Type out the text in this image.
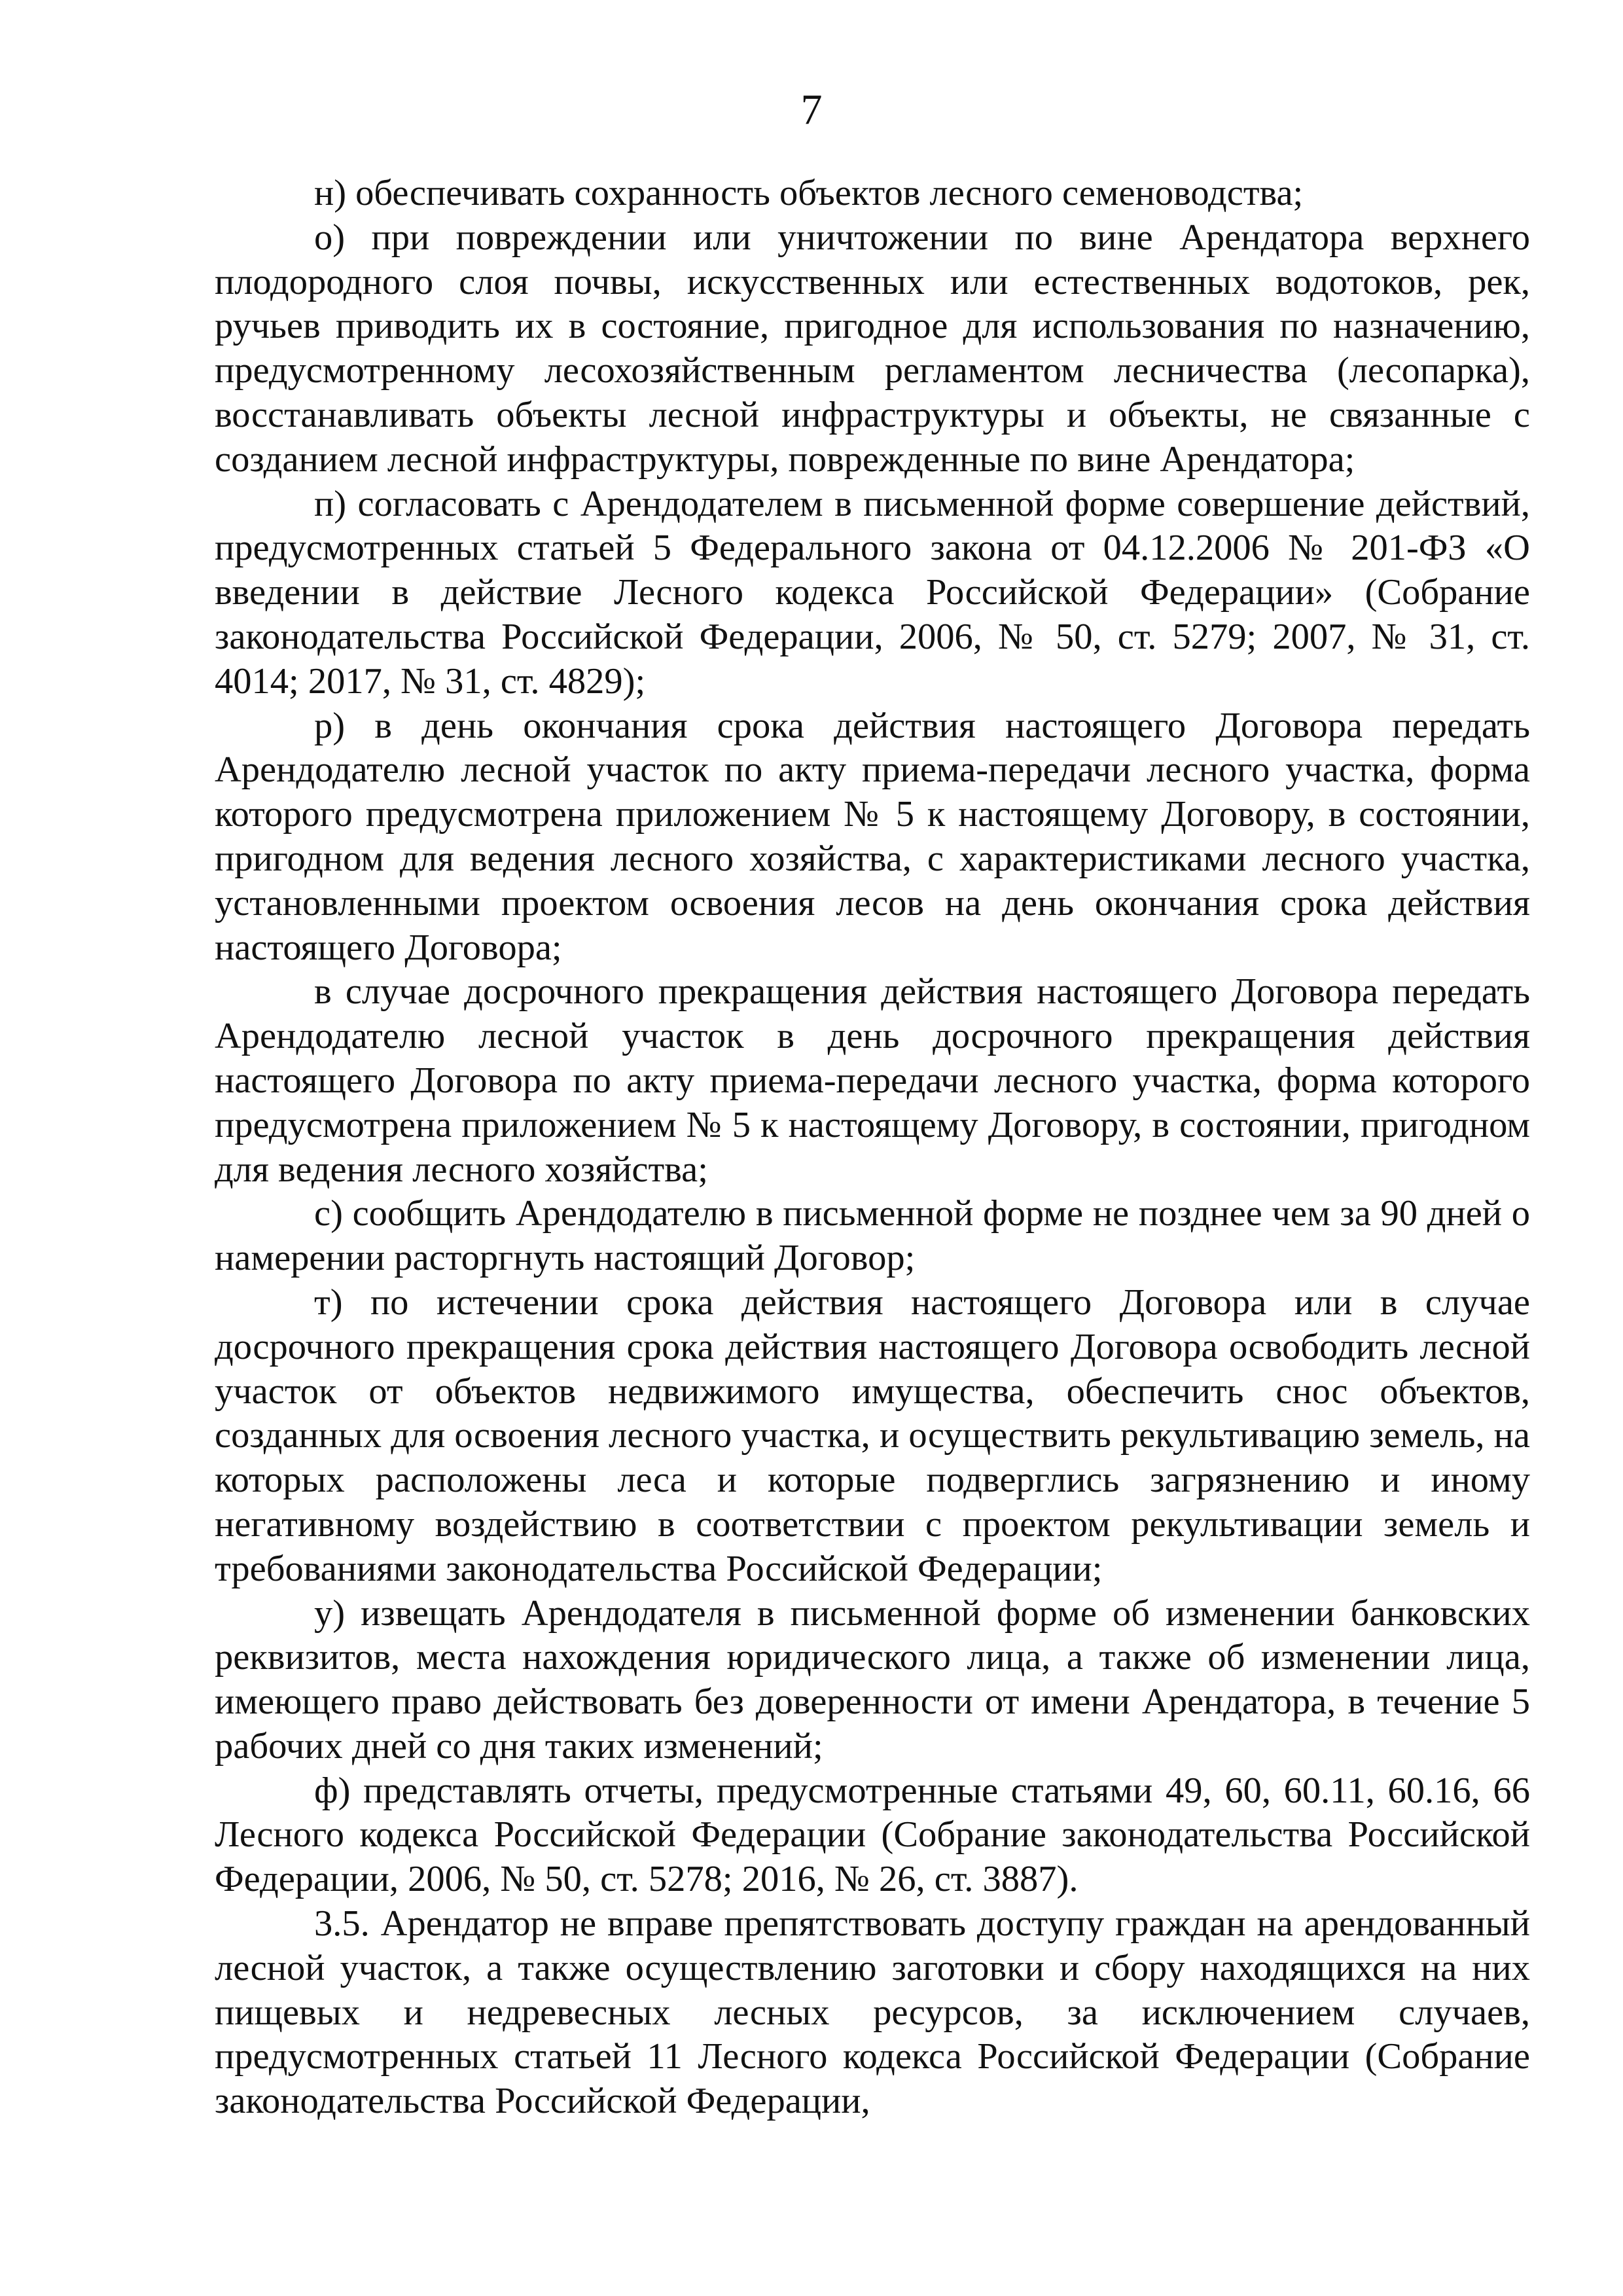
7

н) обеспечивать сохранность объектов лесного семеноводства;

о) при повреждении или уничтожении по вине Арендатора верхнего плодородного слоя почвы, искусственных или естественных водотоков, рек, ручьев приводить их в состояние, пригодное для использования по назначению, предусмотренному лесохозяйственным регламентом лесничества (лесопарка), восстанавливать объекты лесной инфраструктуры и объекты, не связанные с созданием лесной инфраструктуры, поврежденные по вине Арендатора;

п) согласовать с Арендодателем в письменной форме совершение действий, предусмотренных статьей 5 Федерального закона от 04.12.2006 № 201-ФЗ «О введении в действие Лесного кодекса Российской Федерации» (Собрание законодательства Российской Федерации, 2006, № 50, ст. 5279; 2007, № 31, ст. 4014; 2017, № 31, ст. 4829);

р) в день окончания срока действия настоящего Договора передать Арендодателю лесной участок по акту приема-передачи лесного участка, форма которого предусмотрена приложением № 5 к настоящему Договору, в состоянии, пригодном для ведения лесного хозяйства, с характеристиками лесного участка, установленными проектом освоения лесов на день окончания срока действия настоящего Договора;

в случае досрочного прекращения действия настоящего Договора передать Арендодателю лесной участок в день досрочного прекращения действия настоящего Договора по акту приема-передачи лесного участка, форма которого предусмотрена приложением № 5 к настоящему Договору, в состоянии, пригодном для ведения лесного хозяйства;

с) сообщить Арендодателю в письменной форме не позднее чем за 90 дней о намерении расторгнуть настоящий Договор;

т) по истечении срока действия настоящего Договора или в случае досрочного прекращения срока действия настоящего Договора освободить лесной участок от объектов недвижимого имущества, обеспечить снос объектов, созданных для освоения лесного участка, и осуществить рекультивацию земель, на которых расположены леса и которые подверглись загрязнению и иному негативному воздействию в соответствии с проектом рекультивации земель и требованиями законодательства Российской Федерации;

у) извещать Арендодателя в письменной форме об изменении банковских реквизитов, места нахождения юридического лица, а также об изменении лица, имеющего право действовать без доверенности от имени Арендатора, в течение 5 рабочих дней со дня таких изменений;

ф) представлять отчеты, предусмотренные статьями 49, 60, 60.11, 60.16, 66 Лесного кодекса Российской Федерации (Собрание законодательства Российской Федерации, 2006, № 50, ст. 5278; 2016, № 26, ст. 3887).

3.5. Арендатор не вправе препятствовать доступу граждан на арендованный лесной участок, а также осуществлению заготовки и сбору находящихся на них пищевых и недревесных лесных ресурсов, за исключением случаев, предусмотренных статьей 11 Лесного кодекса Российской Федерации (Собрание законодательства Российской Федерации,
